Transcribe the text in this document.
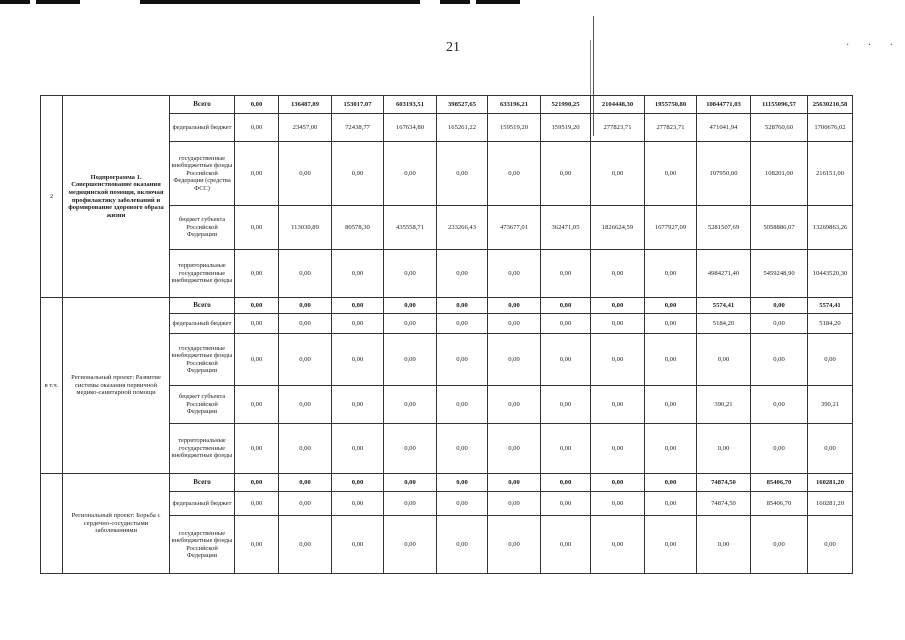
21	· · ·
2	Подпрограмма 1. Совершенствование оказания медицинской помощи, включая профилактику заболеваний и формирование здорового образа жизни	Всего	0,00	136487,89	153017,07	603193,51	398527,65	633196,21	521990,25	2104448,30	1955750,80	10844771,03	11155096,57	25630210,58
		федеральный бюджет	0,00	23457,00	72438,77	167634,80	165261,22	159519,20	159519,20	277823,71	277823,71	471041,94	528760,60	1700676,02
		государственные внебюджетные фонды Российской Федерации (средства ФСС)	0,00	0,00	0,00	0,00	0,00	0,00	0,00	0,00	0,00	107950,00	108201,00	216151,00
		бюджет субъекта Российской Федерации	0,00	113030,89	80578,30	435558,71	233266,43	473677,01	362471,05	1826624,59	1677927,09	5281507,69	5058886,07	13269863,26
		территориальные государственные внебюджетные фонды	0,00	0,00	0,00	0,00	0,00	0,00	0,00	0,00	0,00	4984271,40	5459248,90	10443520,30
в т.ч.	Региональный проект: Развитие системы оказания первичной медико-санитарной помощи	Всего	0,00	0,00	0,00	0,00	0,00	0,00	0,00	0,00	0,00	5574,41	0,00	5574,41
		федеральный бюджет	0,00	0,00	0,00	0,00	0,00	0,00	0,00	0,00	0,00	5184,20	0,00	5184,20
		государственные внебюджетные фонды Российской Федерации	0,00	0,00	0,00	0,00	0,00	0,00	0,00	0,00	0,00	0,00	0,00	0,00
		бюджет субъекта Российской Федерации	0,00	0,00	0,00	0,00	0,00	0,00	0,00	0,00	0,00	390,21	0,00	390,21
		территориальные государственные внебюджетные фонды	0,00	0,00	0,00	0,00	0,00	0,00	0,00	0,00	0,00	0,00	0,00	0,00
	Региональный проект: Борьба с сердечно-сосудистыми заболеваниями	Всего	0,00	0,00	0,00	0,00	0,00	0,00	0,00	0,00	0,00	74874,50	85406,70	160281,20
		федеральный бюджет	0,00	0,00	0,00	0,00	0,00	0,00	0,00	0,00	0,00	74874,50	85406,70	160281,20
		государственные внебюджетные фонды Российской Федерации	0,00	0,00	0,00	0,00	0,00	0,00	0,00	0,00	0,00	0,00	0,00	0,00
